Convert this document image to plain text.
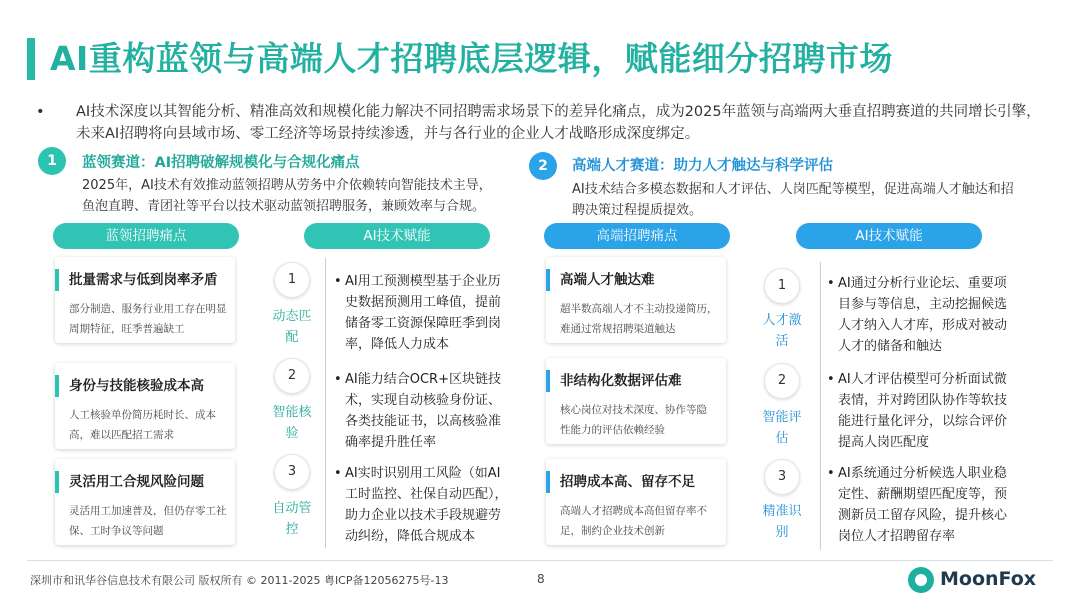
AI重构蓝领与高端人才招聘底层逻辑，赋能细分招聘市场
•	AI技术深度以其智能分析、精准高效和规模化能力解决不同招聘需求场景下的差异化痛点，成为2025年蓝领与高端两大垂直招聘赛道的共同增长引擎，未来AI招聘将向县域市场、零工经济等场景持续渗透，并与各行业的企业人才战略形成深度绑定。
1	蓝领赛道：AI招聘破解规模化与合规化痛点
2025年，AI技术有效推动蓝领招聘从劳务中介依赖转向智能技术主导，鱼泡直聘、青团社等平台以技术驱动蓝领招聘服务，兼顾效率与合规。
蓝领招聘痛点	AI技术赋能
批量需求与低到岗率矛盾
部分制造、服务行业用工存在明显周期特征，旺季普遍缺工
身份与技能核验成本高
人工核验单份简历耗时长、成本高，难以匹配招工需求
灵活用工合规风险问题
灵活用工加速普及，但仍存零工社保、工时争议等问题
1
动态匹配
2
智能核验
3
自动管控
• AI用工预测模型基于企业历史数据预测用工峰值，提前储备零工资源保障旺季到岗率，降低人力成本
• AI能力结合OCR+区块链技术，实现自动核验身份证、各类技能证书，以高核验准确率提升胜任率
• AI实时识别用工风险（如AI工时监控、社保自动匹配），助力企业以技术手段规避劳动纠纷，降低合规成本
2	高端人才赛道：助力人才触达与科学评估
AI技术结合多模态数据和人才评估、人岗匹配等模型，促进高端人才触达和招聘决策过程提质提效。
高端招聘痛点	AI技术赋能
高端人才触达难
超半数高端人才不主动投递简历，难通过常规招聘渠道触达
非结构化数据评估难
核心岗位对技术深度、协作等隐性能力的评估依赖经验
招聘成本高、留存不足
高端人才招聘成本高但留存率不足，制约企业技术创新
1
人才激活
2
智能评估
3
精准识别
• AI通过分析行业论坛、重要项目参与等信息，主动挖掘候选人才纳入人才库，形成对被动人才的储备和触达
• AI人才评估模型可分析面试微表情，并对跨团队协作等软技能进行量化评分，以综合评价提高人岗匹配度
• AI系统通过分析候选人职业稳定性、薪酬期望匹配度等，预测新员工留存风险，提升核心岗位人才招聘留存率
深圳市和讯华谷信息技术有限公司 版权所有 © 2011-2025 粤ICP备12056275号-13	8	MoonFox
